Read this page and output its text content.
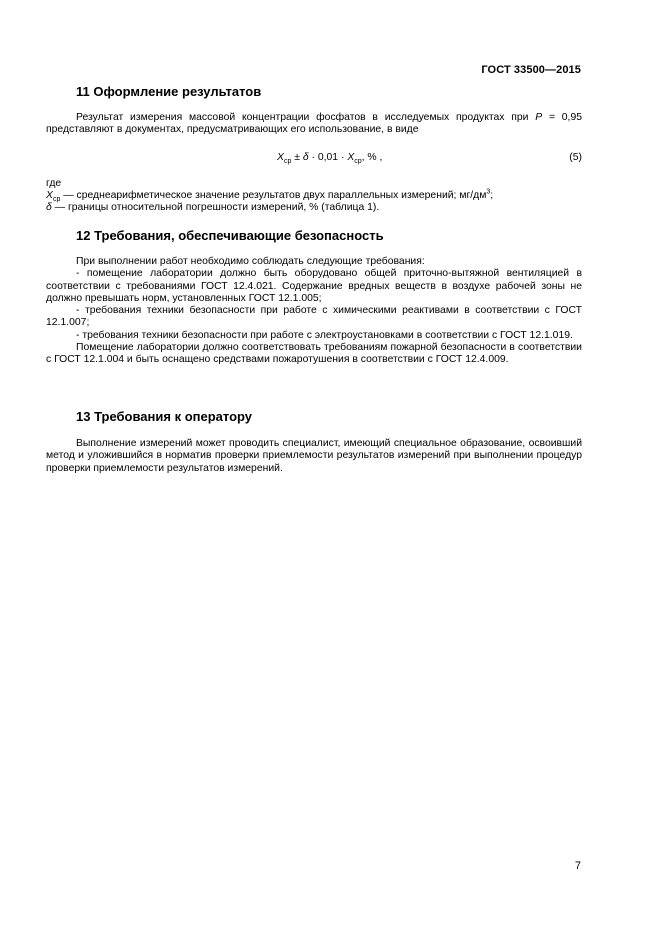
ГОСТ 33500—2015
11 Оформление результатов

Результат измерения массовой концентрации фосфатов в исследуемых продуктах при P = 0,95 представляют в документах, предусматривающих его использование, в виде

$X_{ср} \pm \delta \cdot 0,01 \cdot X_{ср}$, % ,	(5)

где

$X_{ср}$ — среднеарифметическое значение результатов двух параллельных измерений; $мг/дм^3$;

δ — границы относительной погрешности измерений, % (таблица 1).

12 Требования, обеспечивающие безопасность

При выполнении работ необходимо соблюдать следующие требования:

- помещение лаборатории должно быть оборудовано общей приточно-вытяжной вентиляцией в соответствии с требованиями ГОСТ 12.4.021. Содержание вредных веществ в воздухе рабочей зоны не должно превышать норм, установленных ГОСТ 12.1.005;

- требования техники безопасности при работе с химическими реактивами в соответствии с ГОСТ 12.1.007;

- требования техники безопасности при работе с электроустановками в соответствии с ГОСТ 12.1.019.

Помещение лаборатории должно соответствовать требованиям пожарной безопасности в соответствии с ГОСТ 12.1.004 и быть оснащено средствами пожаротушения в соответствии с ГОСТ 12.4.009.

13 Требования к оператору

Выполнение измерений может проводить специалист, имеющий специальное образование, освоивший метод и уложившийся в норматив проверки приемлемости результатов измерений при выполнении процедур проверки приемлемости результатов измерений.

7
